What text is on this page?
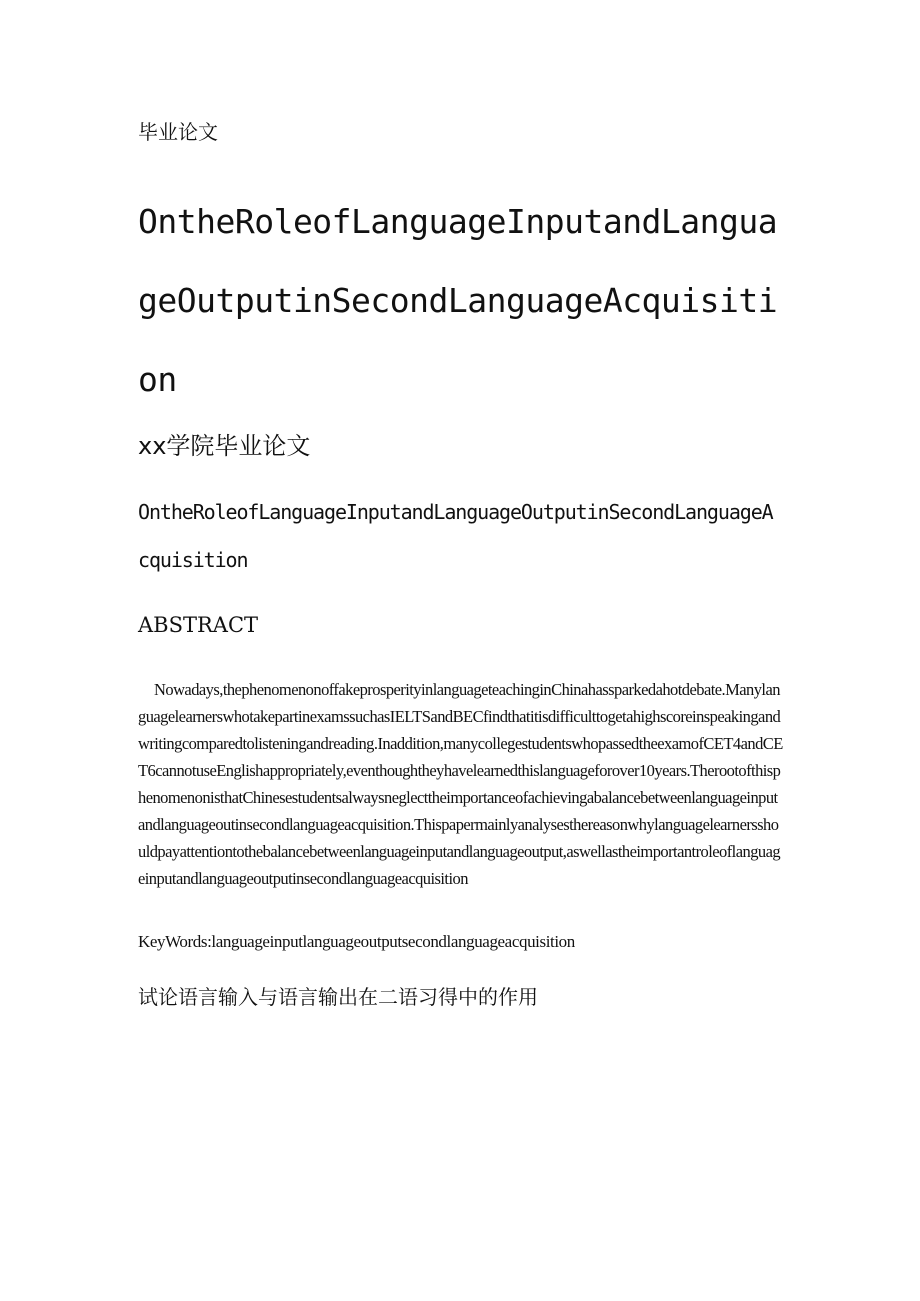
毕业论文
OntheRoleofLanguageInputandLanguageOutputinSecondLanguageAcquisition
xx学院毕业论文
OntheRoleofLanguageInputandLanguageOutputinSecondLanguageAcquisition
ABSTRACT

Nowadays,thephenomenonoffakeprosperityinlanguageteachinginChinahassparkedahotdebate.ManylanguagelearnerswhotakepartinexamssuchasIELTSandBECfindthatitisdifficulttogetahighscoreinspeakingandwritingcomparedtolisteningandreading.Inaddition,manycollegestudentswhopassedtheexamofCET4andCET6cannotuseEnglishappropriately,eventhoughtheyhavelearnedthislanguageforover10years.TherootofthisphenomenonisthatChinesestudentsalwaysneglecttheimportanceofachievingabalancebetweenlanguageinputandlanguageoutinsecondlanguageacquisition.Thispapermainlyanalysesthereasonwhylanguagelearnersshouldpayattentiontothebalancebetweenlanguageinputandlanguageoutput,aswellastheimportantroleoflanguageinputandlanguageoutputinsecondlanguageacquisition

KeyWords:languageinputlanguageoutputsecondlanguageacquisition
试论语言输入与语言输出在二语习得中的作用
